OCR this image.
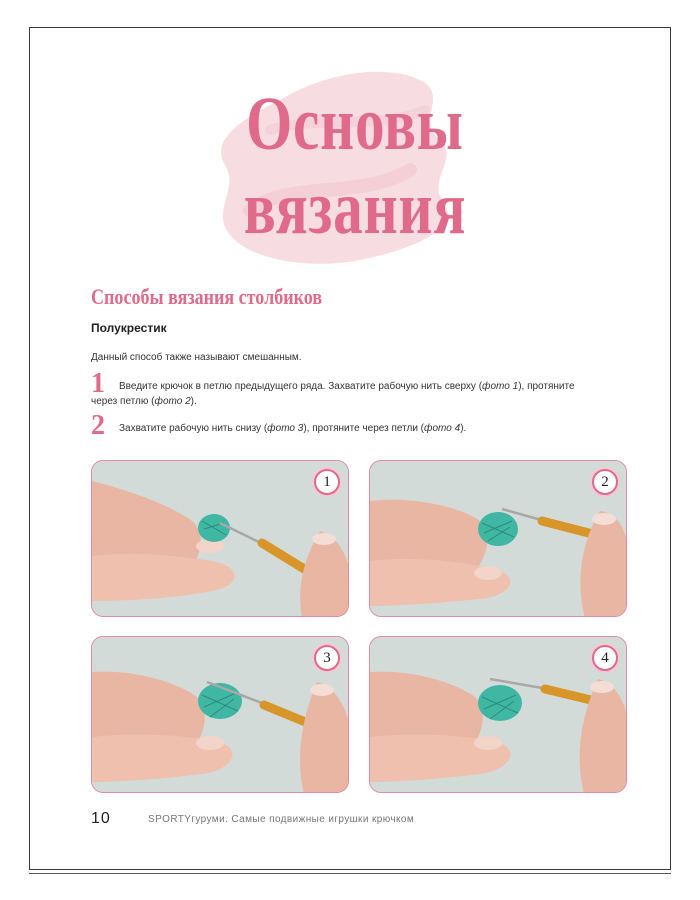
Основы
вязания
Способы вязания столбиков
Полукрестик
Данный способ также называют смешанным.
1 Введите крючок в петлю предыдущего ряда. Захватите рабочую нить сверху (фото 1), протяните
через петлю (фото 2).
2 Захватите рабочую нить снизу (фото 3), протяните через петли (фото 4).
1	2
3	4
10	SPORTYгуруми. Самые подвижные игрушки крючком
